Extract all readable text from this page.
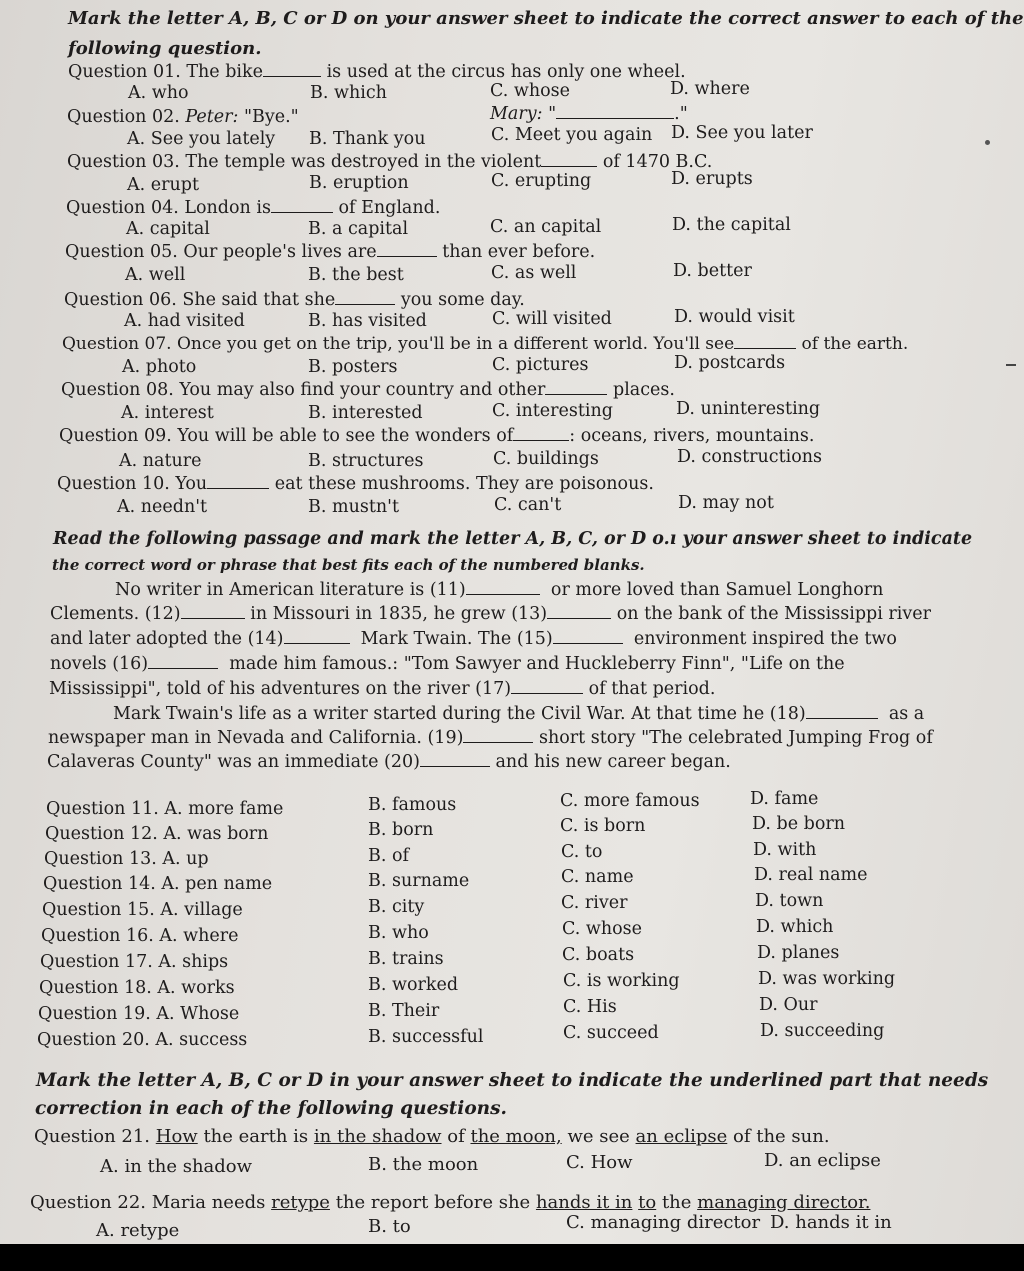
Mark the letter A, B, C or D on your answer sheet to indicate the correct answer to each of the
following question.
Question 01. The bike	is used at the circus has only one wheel.
A. who	B. which	C. whose	D. where
Question 02. Peter: "Bye."	Mary: "	."
A. See you lately B. Thank you	C. Meet you again D. See you later
Question 03. The temple was destroyed in the violent	of 1470 B.C.
A. erupt	B. eruption	C. erupting	D. erupts
Question 04. London is	of England.
A. capital	B. a capital	C. an capital	D. the capital
Question 05. Our people's lives are	than ever before.
A. well	B. the best	C. as well	D. better
Question 06. She said that she	you some day.
A. had visited	B. has visited	C. will visited	D. would visit
Question 07. Once you get on the trip, you'll be in a different world. You'll see	of the earth.
A. photo	B. posters	C. pictures	D. postcards
Question 08. You may also find your country and other	places.
A. interest	B. interested	C. interesting	D. uninteresting
Question 09. You will be able to see the wonders of	: oceans, rivers, mountains.
A. nature	B. structures	C. buildings	D. constructions
Question 10. You	eat these mushrooms. They are poisonous.
A. needn't	B. mustn't	C. can't	D. may not
Read the following passage and mark the letter A, B, C, or D o.ı your answer sheet to indicate
the correct word or phrase that best fits each of the numbered blanks.
No writer in American literature is (11)	or more loved than Samuel Longhorn
Clements. (12)	in Missouri in 1835, he grew (13)	on the bank of the Mississippi river
and later adopted the (14)	Mark Twain. The (15)	environment inspired the two
novels (16)	made him famous.: "Tom Sawyer and Huckleberry Finn", "Life on the
Mississippi", told of his adventures on the river (17)	of that period.
Mark Twain's life as a writer started during the Civil War. At that time he (18)	as a
newspaper man in Nevada and California. (19)	short story "The celebrated Jumping Frog of
Calaveras County" was an immediate (20)	and his new career began.
Question 11. A. more fame	B. famous	C. more famous	D. fame
Question 12. A. was born	B. born	C. is born	D. be born
Question 13. A. up	B. of	C. to	D. with
Question 14. A. pen name	B. surname	C. name	D. real name
Question 15. A. village	B. city	C. river	D. town
Question 16. A. where	B. who	C. whose	D. which
Question 17. A. ships	B. trains	C. boats	D. planes
Question 18. A. works	B. worked	C. is working	D. was working
Question 19. A. Whose	B. Their	C. His	D. Our
Question 20. A. success	B. successful	C. succeed	D. succeeding
Mark the letter A, B, C or D in your answer sheet to indicate the underlined part that needs
correction in each of the following questions.
Question 21. How the earth is in the shadow of the moon, we see an eclipse of the sun.
A. in the shadow	B. the moon	C. How	D. an eclipse
Question 22. Maria needs retype the report before she hands it in to the managing director.
A. retype	B. to	C. managing director D. hands it in
